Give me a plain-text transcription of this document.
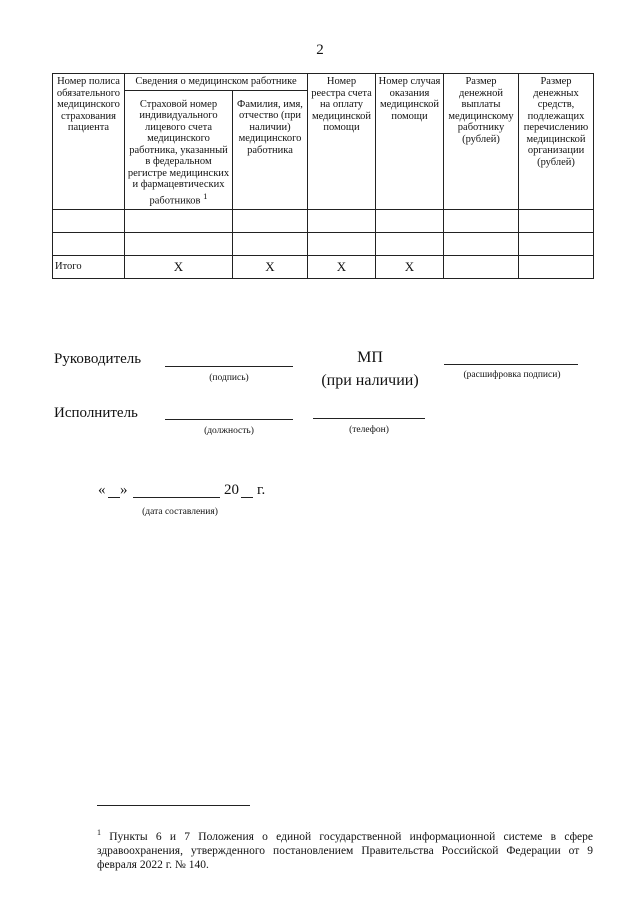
2
Номер полиса обязательного медицинского страхования пациента	Сведения о медицинском работнике		Номер реестра счета на оплату медицинской помощи	Номер случая оказания медицинской помощи	Размер денежной выплаты медицинскому работнику (рублей)	Размер денежных средств, подлежащих перечислению медицинской организации (рублей)
	Страховой номер индивидуального лицевого счета медицинского работника, указанный в федеральном регистре медицинских и фармацевтических работников $^1$	Фамилия, имя, отчество (при наличии) медицинского работника				

Итого	X	X	X	X		
Руководитель
(подпись)
МП
(при наличии)	(расшифровка подписи)
Исполнитель
(должность)	(телефон)
« »	20 г.
(дата составления)
$^1$ Пункты 6 и 7 Положения о единой государственной информационной системе в сфере здравоохранения, утвержденного постановлением Правительства Российской Федерации от 9 февраля 2022 г. № 140.
